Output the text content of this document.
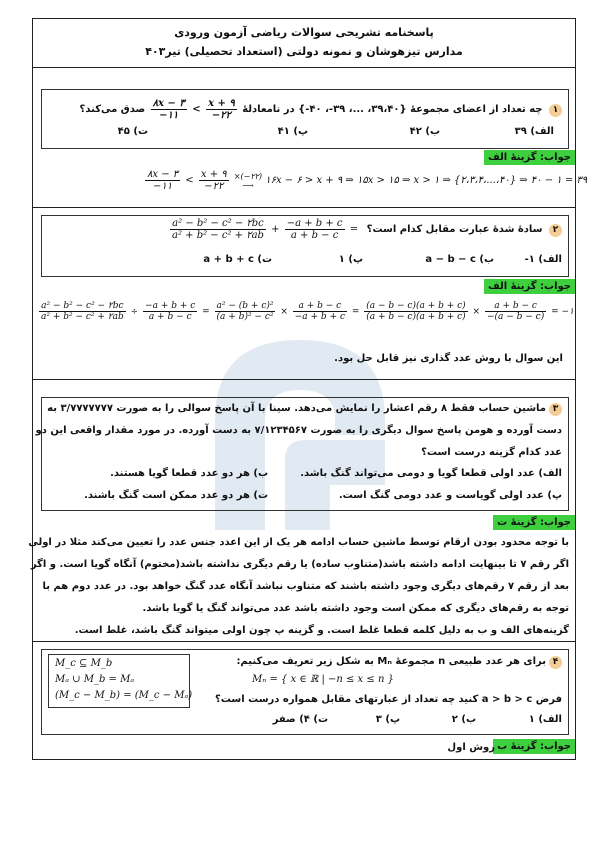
پاسخنامه تشریحی سوالات ریاضی آزمون ورودی
مدارس تیزهوشان و نمونه دولتی (استعداد تحصیلی) تیر۴۰۳
۱ چه تعداد از اعضای مجموعهٔ {۳۹،۴۰، ...، ۳۹-، ۴۰-} در نامعادلهٔ
$\frac{۸x - ۳}{-۱۱} < \frac{x + ۹}{-۲۲}$
صدق می‌کند؟
الف) ۳۹
ب) ۴۲
پ) ۴۱
ت) ۴۵
جواب: گزینهٔ الف
$\frac{۸x - ۳}{-۱۱} < \frac{x + ۹}{-۲۲}$
×(−۲۲)
⟶	۱۶x − ۶ > x + ۹ ⇒ ۱۵x > ۱۵ ⇒ x > ۱ ⇒ {۲،۳،۴،...،۴۰} ⇒ ۴۰ − ۱ = ۳۹
۲ سادهٔ شدهٔ عبارت مقابل کدام است؟
$\frac{\text{a² − b² − c² − ۲bc}}{\text{a² + b² − c² + ۲ab}} + \frac{-a + b + c}{a + b - c}$ =
الف) ۱-
ب) a − b − c
پ) ۱
ت) a + b + c
جواب: گزینهٔ الف
$\frac{\text{a² − b² − c² − ۲bc}}{\text{a² + b² − c² + ۲ab}} \div \frac{-a + b + c}{a + b - c} = \frac{\text{a² − (b + c)²}}{\text{(a + b)² − c²}} \times \frac{a + b - c}{-a + b + c} = \frac{(a - b - c)(a + b + c)}{(a + b - c)(a + b + c)} \times \frac{a + b - c}{-(a - b - c)}$ = −۱
این سوال با روش عدد گذاری نیز قابل حل بود.
۳ماشین حساب فقط ۸ رقم اعشار را نمایش می‌دهد. سینا با آن پاسخ سوالی را به صورت ۳/۷۷۷۷۷۷۷ به
دست آورده و هومن پاسخ سوال دیگری را به صورت ۷/۱۲۳۴۵۶۷ به دست آورده. در مورد مقدار واقعی این دو
عدد کدام گزینه درست است؟
الف) عدد اولی قطعا گویا و دومی می‌تواند گنگ باشد.
ب) هر دو عدد قطعا گویا هستند.
پ) عدد اولی گویاست و عدد دومی گنگ است.
ت) هر دو عدد ممکن است گنگ باشند.
جواب: گزینهٔ ت
با توجه محدود بودن ارقام توسط ماشین حساب ادامه هر یک از این اعدد جنس عدد را تعیین می‌کند مثلا در اولی
اگر رقم ۷ تا بینهایت ادامه داشته باشد(متناوب ساده) یا رقم دیگری نداشته باشد(مختوم) آنگاه گویا است. و اگر
بعد از رقم ۷ رقم‌های دیگری وجود داشته باشند که متناوب نباشد آنگاه عدد گنگ خواهد بود. در عدد دوم هم با
توجه به رقم‌های دیگری که ممکن است وجود داشته باشد عدد می‌تواند گنگ یا گویا باشد.
گزینه‌های الف و ب به دلیل کلمه قطعا غلط است. و گزینه پ چون اولی میتواند گنگ باشد، غلط است.
۴برای هر عدد طبیعی n مجموعهٔ Mₙ به شکل زیر تعریف می‌کنیم:
Mₙ = { x ∈ ℝ | −n ≤ x ≤ n }
فرض a > b > c کنید چه تعداد از عبارتهای مقابل همواره درست است؟
الف) ۱
ب) ۲
پ) ۳
ت) ۴) صفر
M_c ⊆ M_b
Mₐ ∪ M_b = Mₐ
(M_c − M_b) = (M_c − Mₐ)
جواب: گزینهٔ ب
روش اول
